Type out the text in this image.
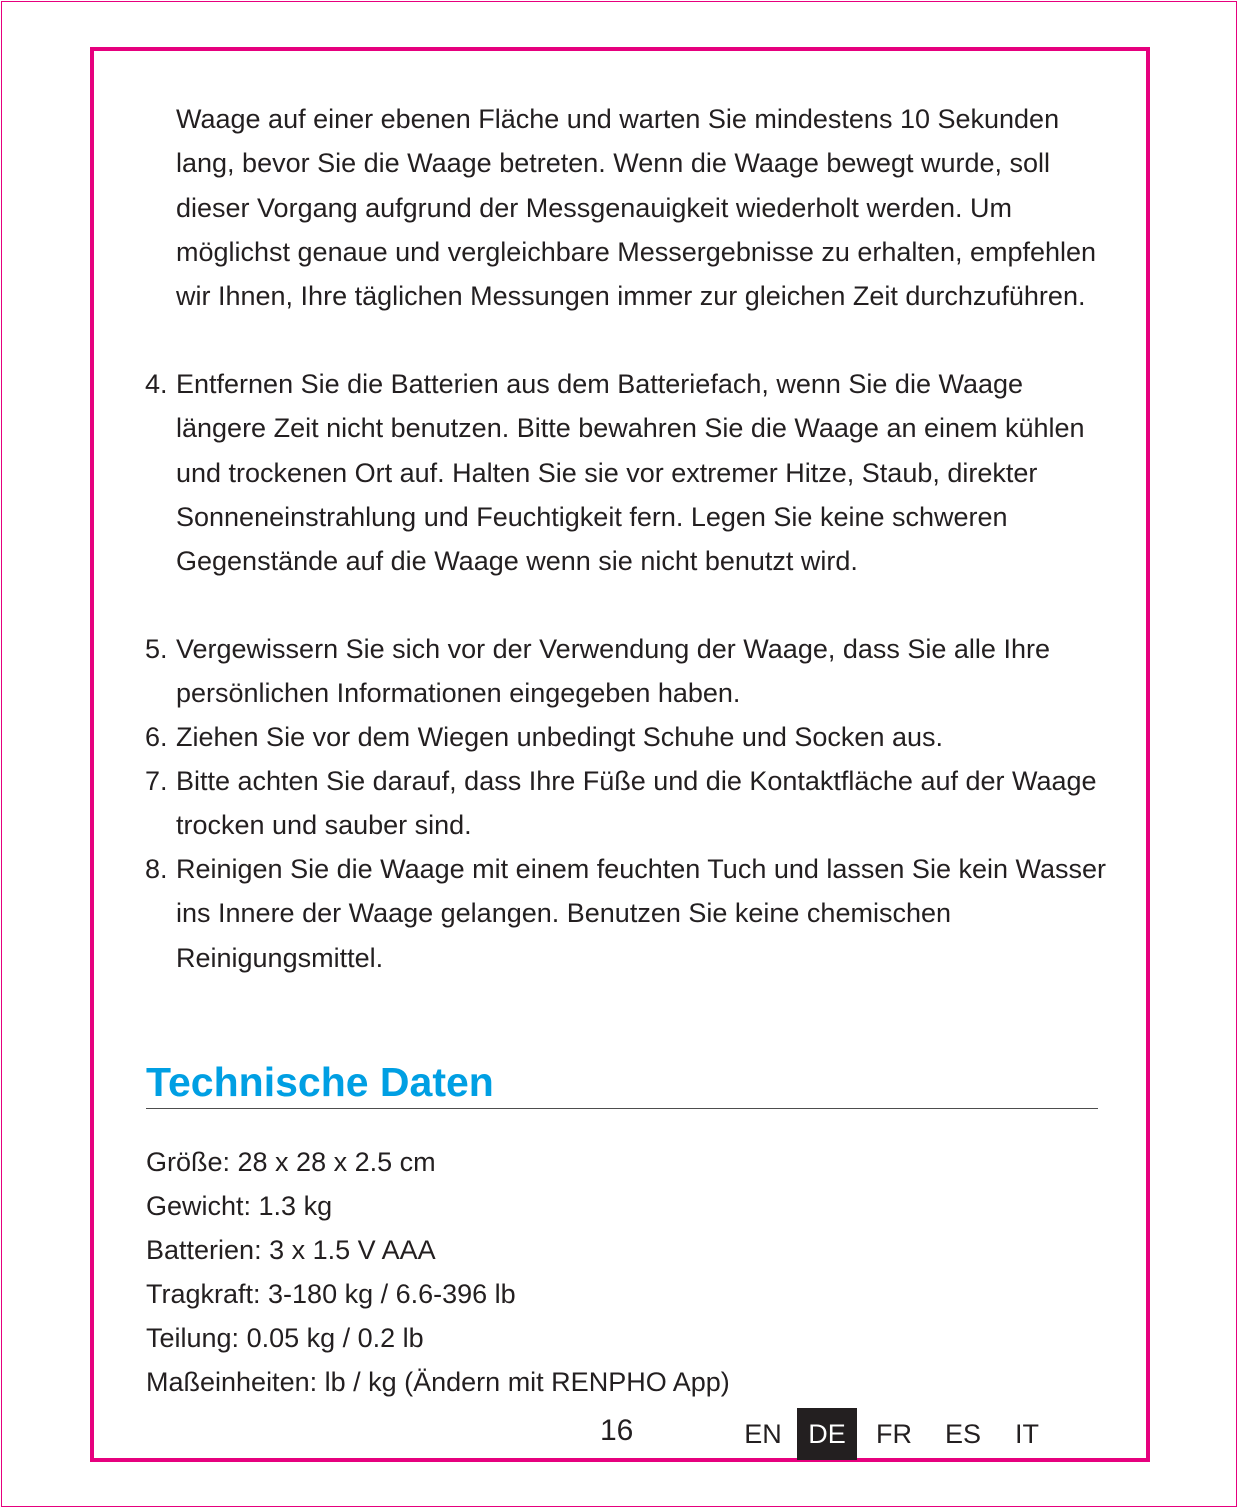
Waage auf einer ebenen Fläche und warten Sie mindestens 10 Sekunden lang, bevor Sie die Waage betreten. Wenn die Waage bewegt wurde, soll dieser Vorgang aufgrund der Messgenauigkeit wiederholt werden. Um möglichst genaue und vergleichbare Messergebnisse zu erhalten, empfehlen wir Ihnen, Ihre täglichen Messungen immer zur gleichen Zeit durchzuführen.

4. Entfernen Sie die Batterien aus dem Batteriefach, wenn Sie die Waage längere Zeit nicht benutzen. Bitte bewahren Sie die Waage an einem kühlen und trockenen Ort auf. Halten Sie sie vor extremer Hitze, Staub, direkter Sonneneinstrahlung und Feuchtigkeit fern. Legen Sie keine schweren Gegenstände auf die Waage wenn sie nicht benutzt wird.

5. Vergewissern Sie sich vor der Verwendung der Waage, dass Sie alle Ihre persönlichen Informationen eingegeben haben.

6. Ziehen Sie vor dem Wiegen unbedingt Schuhe und Socken aus.

7. Bitte achten Sie darauf, dass Ihre Füße und die Kontaktfläche auf der Waage trocken und sauber sind.

8. Reinigen Sie die Waage mit einem feuchten Tuch und lassen Sie kein Wasser ins Innere der Waage gelangen. Benutzen Sie keine chemischen Reinigungsmittel.

Technische Daten

Größe: 28 x 28 x 2.5 cm

Gewicht: 1.3 kg

Batterien: 3 x 1.5 V AAA

Tragkraft: 3-180 kg / 6.6-396 lb

Teilung: 0.05 kg / 0.2 lb

Maßeinheiten: lb / kg (Ändern mit RENPHO App)

16	EN DE	FR	ES	IT
